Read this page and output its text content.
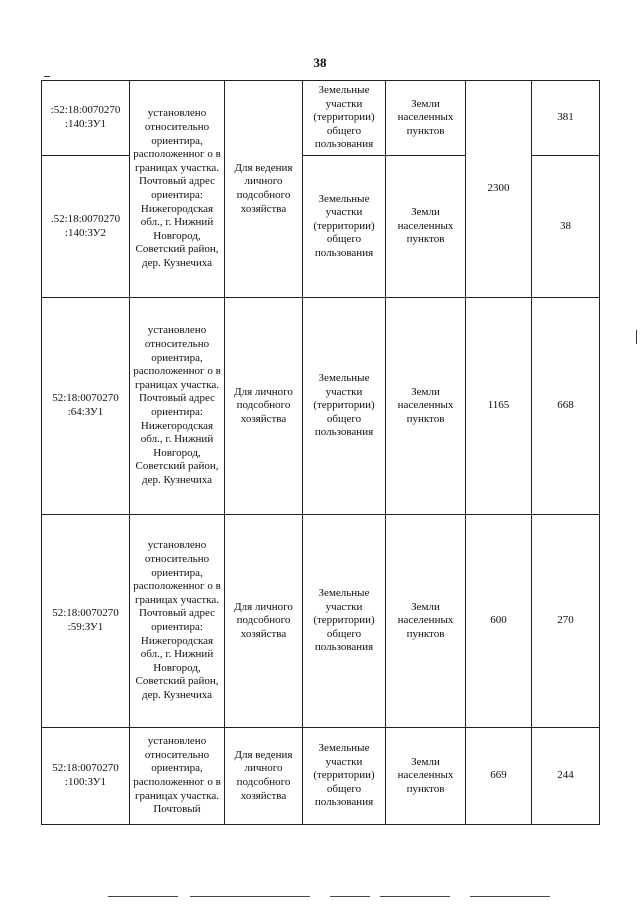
38
:52:18:0070270 :140:ЗУ1	установлено относительно ориентира, расположенног о в границах участка. Почтовый адрес ориентира: Нижегородская обл., г. Нижний Новгород, Советский район, дер. Кузнечиха	Для ведения личного подсобного хозяйства	Земельные участки (территории) общего пользования	Земли населенных пунктов	2300	381
.52:18:0070270 :140:ЗУ2			Земельные участки (территории) общего пользования	Земли населенных пунктов		38
52:18:0070270 :64:ЗУ1	установлено относительно ориентира, расположенног о в границах участка. Почтовый адрес ориентира: Нижегородская обл., г. Нижний Новгород, Советский район, дер. Кузнечиха	Для личного подсобного хозяйства	Земельные участки (территории) общего пользования	Земли населенных пунктов	1165	668
52:18:0070270 :59:ЗУ1	установлено относительно ориентира, расположенног о в границах участка. Почтовый адрес ориентира: Нижегородская обл., г. Нижний Новгород, Советский район, дер. Кузнечиха	Для личного подсобного хозяйства	Земельные участки (территории) общего пользования	Земли населенных пунктов	600	270
52:18:0070270 :100:ЗУ1	установлено относительно ориентира, расположенног о в границах участка. Почтовый	Для ведения личного подсобного хозяйства	Земельные участки (территории) общего пользования	Земли населенных пунктов	669	244
